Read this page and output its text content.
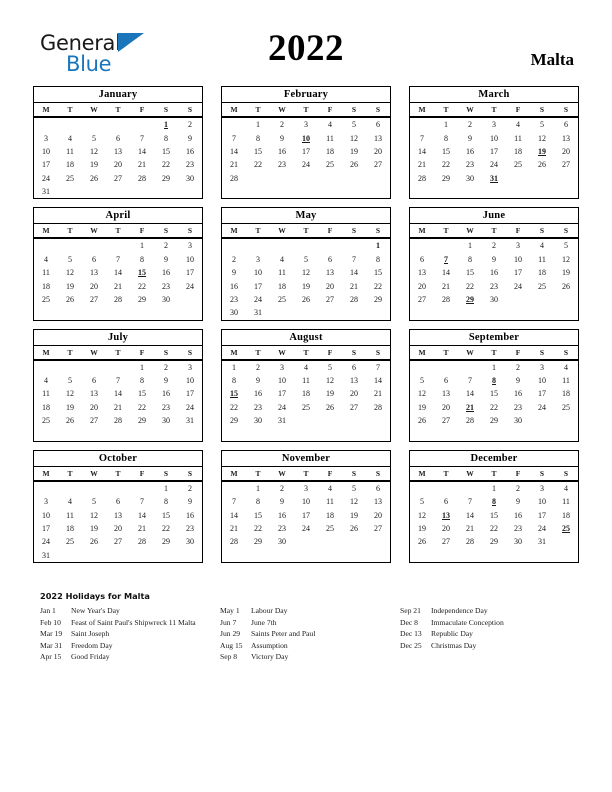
General
Blue	2022	Malta
January
M	T	W	T	F	S	S
					1	2
3	4	5	6	7	8	9
10	11	12	13	14	15	16
17	18	19	20	21	22	23
24	25	26	27	28	29	30
31						
February
M	T	W	T	F	S	S
	1	2	3	4	5	6
7	8	9	10	11	12	13
14	15	16	17	18	19	20
21	22	23	24	25	26	27
28						

March
M	T	W	T	F	S	S
	1	2	3	4	5	6
7	8	9	10	11	12	13
14	15	16	17	18	19	20
21	22	23	24	25	26	27
28	29	30	31			

April
M	T	W	T	F	S	S
				1	2	3
4	5	6	7	8	9	10
11	12	13	14	15	16	17
18	19	20	21	22	23	24
25	26	27	28	29	30	

May
M	T	W	T	F	S	S
						1
2	3	4	5	6	7	8
9	10	11	12	13	14	15
16	17	18	19	20	21	22
23	24	25	26	27	28	29
30	31					
June
M	T	W	T	F	S	S
		1	2	3	4	5
6	7	8	9	10	11	12
13	14	15	16	17	18	19
20	21	22	23	24	25	26
27	28	29	30			

July
M	T	W	T	F	S	S
				1	2	3
4	5	6	7	8	9	10
11	12	13	14	15	16	17
18	19	20	21	22	23	24
25	26	27	28	29	30	31

August
M	T	W	T	F	S	S
1	2	3	4	5	6	7
8	9	10	11	12	13	14
15	16	17	18	19	20	21
22	23	24	25	26	27	28
29	30	31				

September
M	T	W	T	F	S	S
			1	2	3	4
5	6	7	8	9	10	11
12	13	14	15	16	17	18
19	20	21	22	23	24	25
26	27	28	29	30		

October
M	T	W	T	F	S	S
					1	2
3	4	5	6	7	8	9
10	11	12	13	14	15	16
17	18	19	20	21	22	23
24	25	26	27	28	29	30
31						
November
M	T	W	T	F	S	S
	1	2	3	4	5	6
7	8	9	10	11	12	13
14	15	16	17	18	19	20
21	22	23	24	25	26	27
28	29	30				

December
M	T	W	T	F	S	S
			1	2	3	4
5	6	7	8	9	10	11
12	13	14	15	16	17	18
19	20	21	22	23	24	25
26	27	28	29	30	31	

2022 Holidays for Malta
Jan 1	New Year's Day
Feb 10	Feast of Saint Paul's Shipwreck 11 Malta
Mar 19	Saint Joseph
Mar 31	Freedom Day
Apr 15	Good Friday
May 1	Labour Day
Jun 7	June 7th
Jun 29	Saints Peter and Paul
Aug 15	Assumption
Sep 8	Victory Day
Sep 21	Independence Day
Dec 8	Immaculate Conception
Dec 13	Republic Day
Dec 25	Christmas Day
